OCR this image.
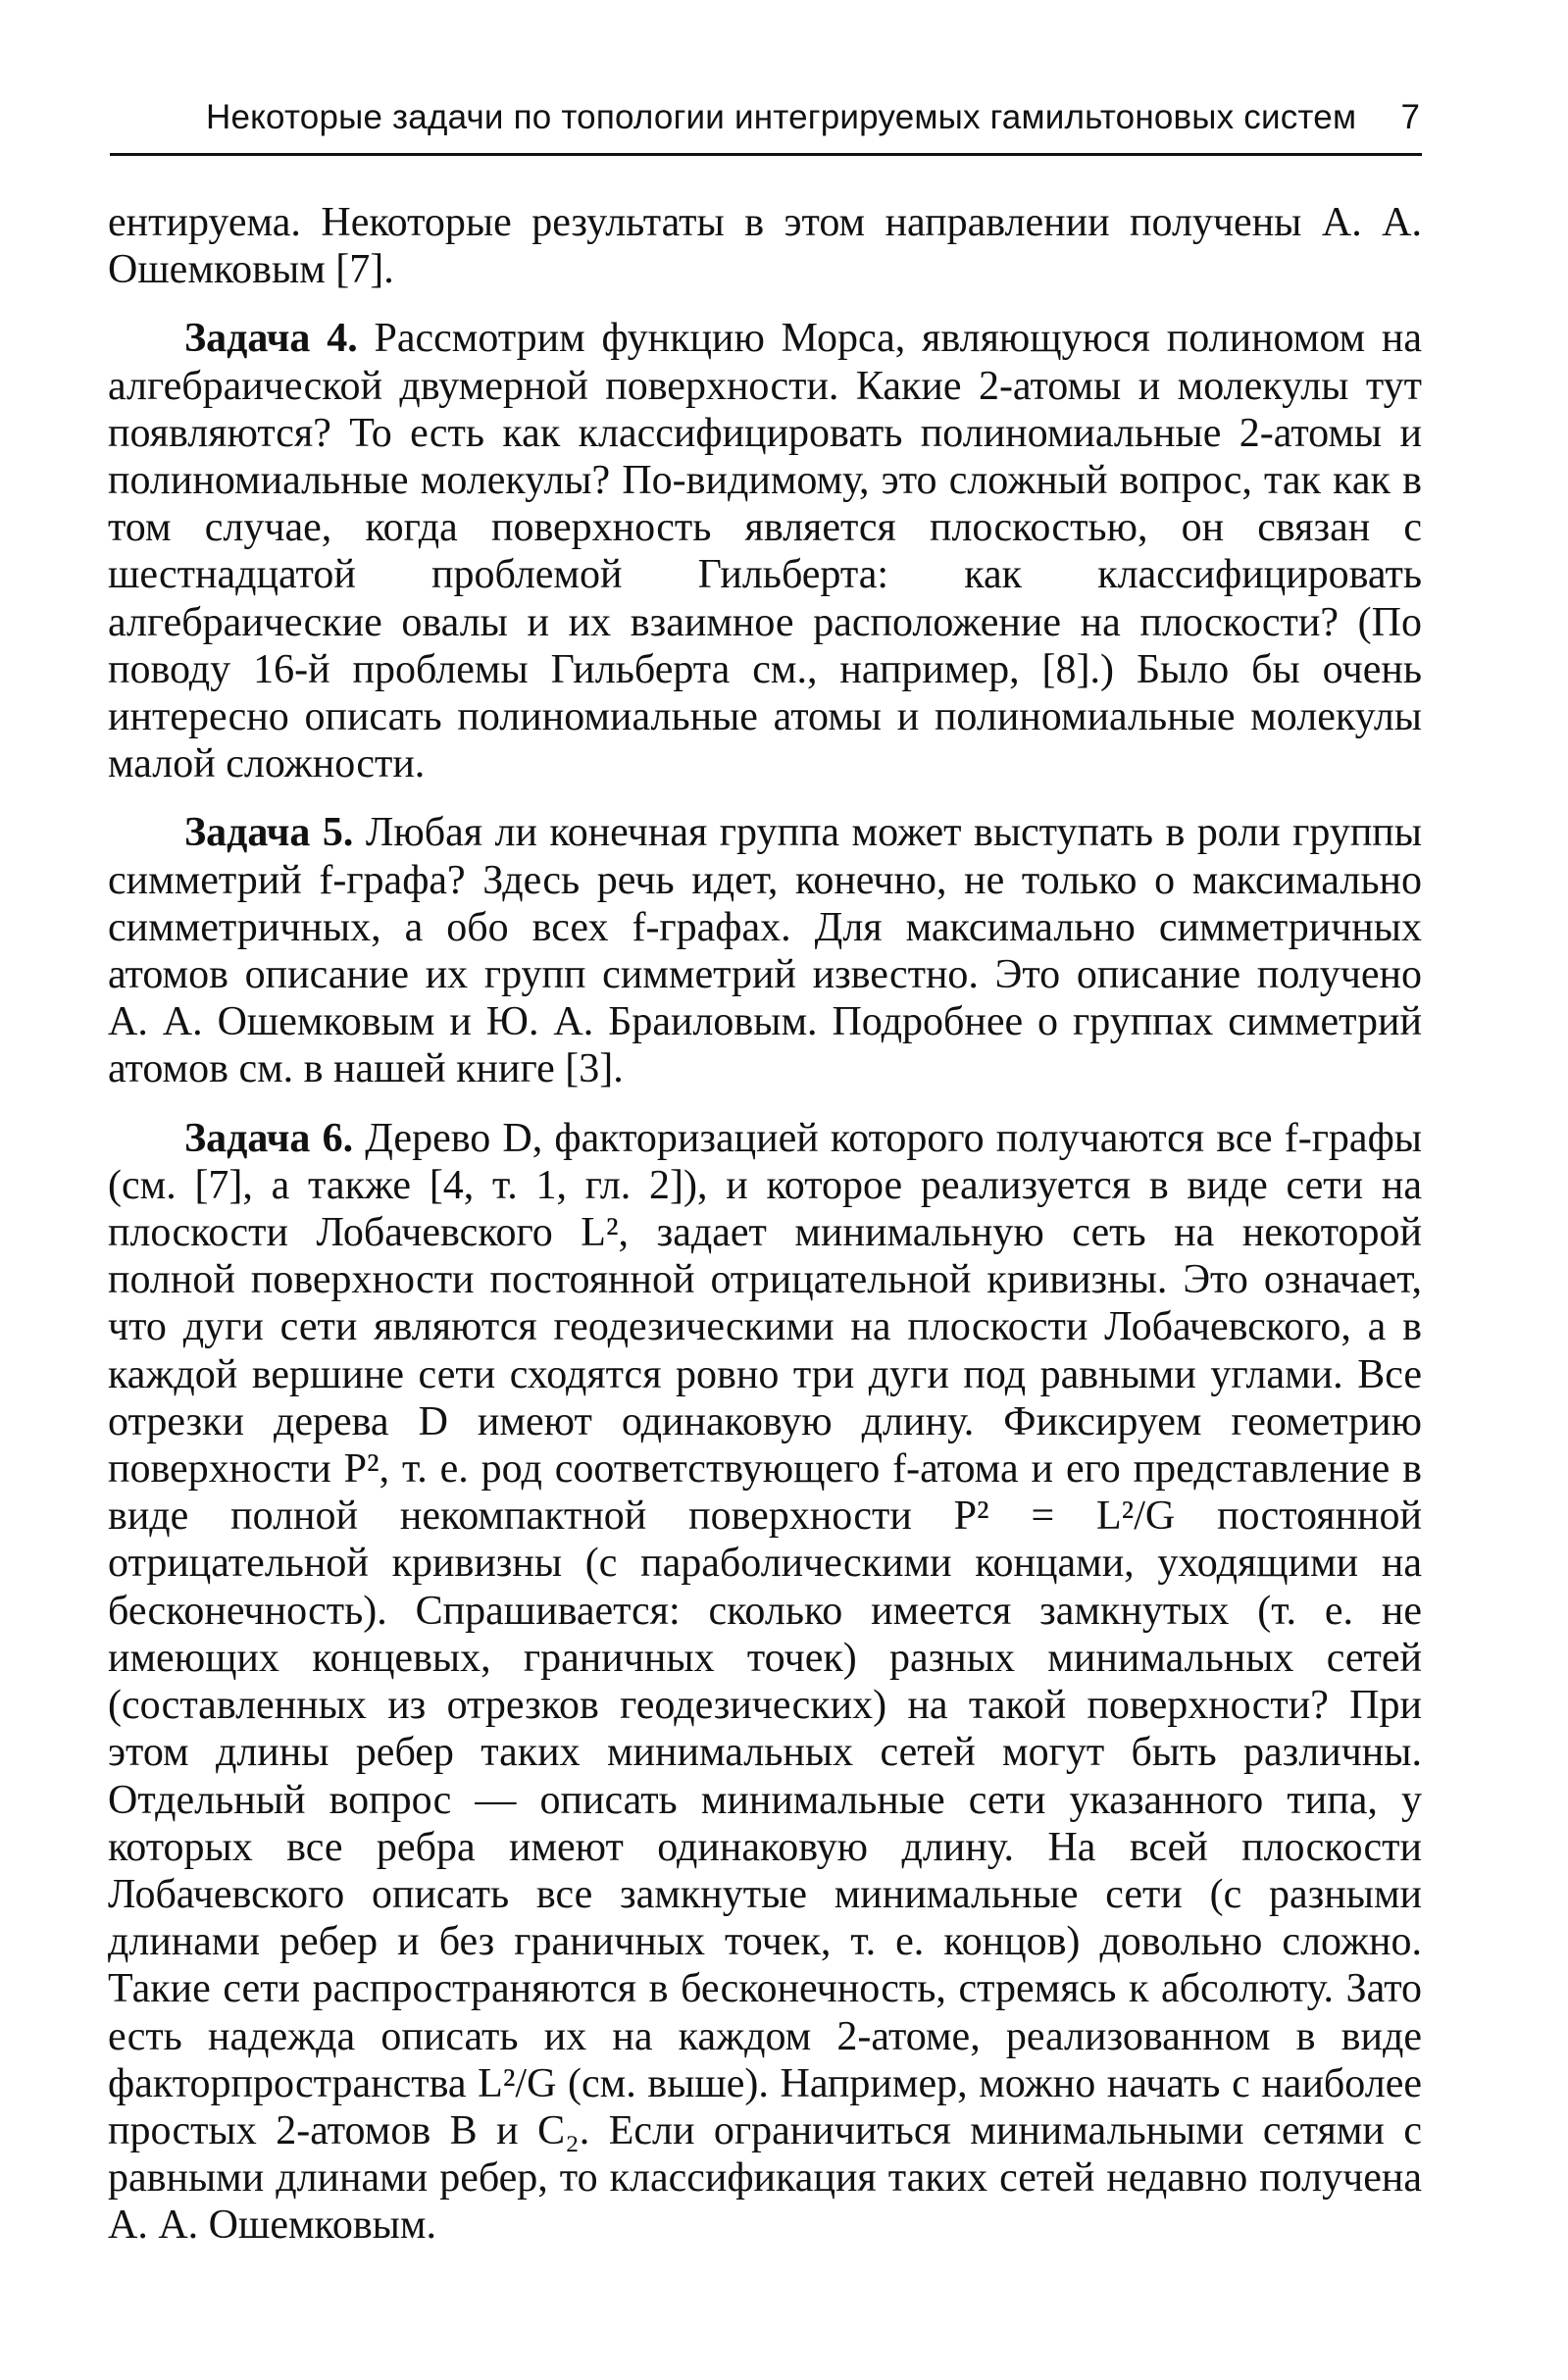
Некоторые задачи по топологии интегрируемых гамильтоновых систем 7

ентируема. Некоторые результаты в этом направлении получены А. А. Ошемковым [7].

Задача 4. Рассмотрим функцию Морса, являющуюся полиномом на алгебраической двумерной поверхности. Какие 2-атомы и молекулы тут появляются? То есть как классифицировать полиномиальные 2-атомы и полиномиальные молекулы? По-видимому, это сложный вопрос, так как в том случае, когда поверхность является плоскостью, он связан с шестнадцатой проблемой Гильберта: как классифицировать алгебраические овалы и их взаимное расположение на плоскости? (По поводу 16-й проблемы Гильберта см., например, [8].) Было бы очень интересно описать полиномиальные атомы и полиномиальные молекулы малой сложности.

Задача 5. Любая ли конечная группа может выступать в роли группы симметрий f-графа? Здесь речь идет, конечно, не только о максимально симметричных, а обо всех f-графах. Для максимально симметричных атомов описание их групп симметрий известно. Это описание получено А. А. Ошемковым и Ю. А. Браиловым. Подробнее о группах симметрий атомов см. в нашей книге [3].

Задача 6. Дерево D, факторизацией которого получаются все f-графы (см. [7], а также [4, т. 1, гл. 2]), и которое реализуется в виде сети на плоскости Лобачевского L², задает минимальную сеть на некоторой полной поверхности постоянной отрицательной кривизны. Это означает, что дуги сети являются геодезическими на плоскости Лобачевского, а в каждой вершине сети сходятся ровно три дуги под равными углами. Все отрезки дерева D имеют одинаковую длину. Фиксируем геометрию поверхности P², т. е. род соответствующего f-атома и его представление в виде полной некомпактной поверхности P² = L²/G постоянной отрицательной кривизны (с параболическими концами, уходящими на бесконечность). Спрашивается: сколько имеется замкнутых (т. е. не имеющих концевых, граничных точек) разных минимальных сетей (составленных из отрезков геодезических) на такой поверхности? При этом длины ребер таких минимальных сетей могут быть различны. Отдельный вопрос — описать минимальные сети указанного типа, у которых все ребра имеют одинаковую длину. На всей плоскости Лобачевского описать все замкнутые минимальные сети (с разными длинами ребер и без граничных точек, т. е. концов) довольно сложно. Такие сети распространяются в бесконечность, стремясь к абсолюту. Зато есть надежда описать их на каждом 2-атоме, реализованном в виде факторпространства L²/G (см. выше). Например, можно начать с наиболее простых 2-атомов B и C₂. Если ограничиться минимальными сетями с равными длинами ребер, то классификация таких сетей недавно получена А. А. Ошемковым.
